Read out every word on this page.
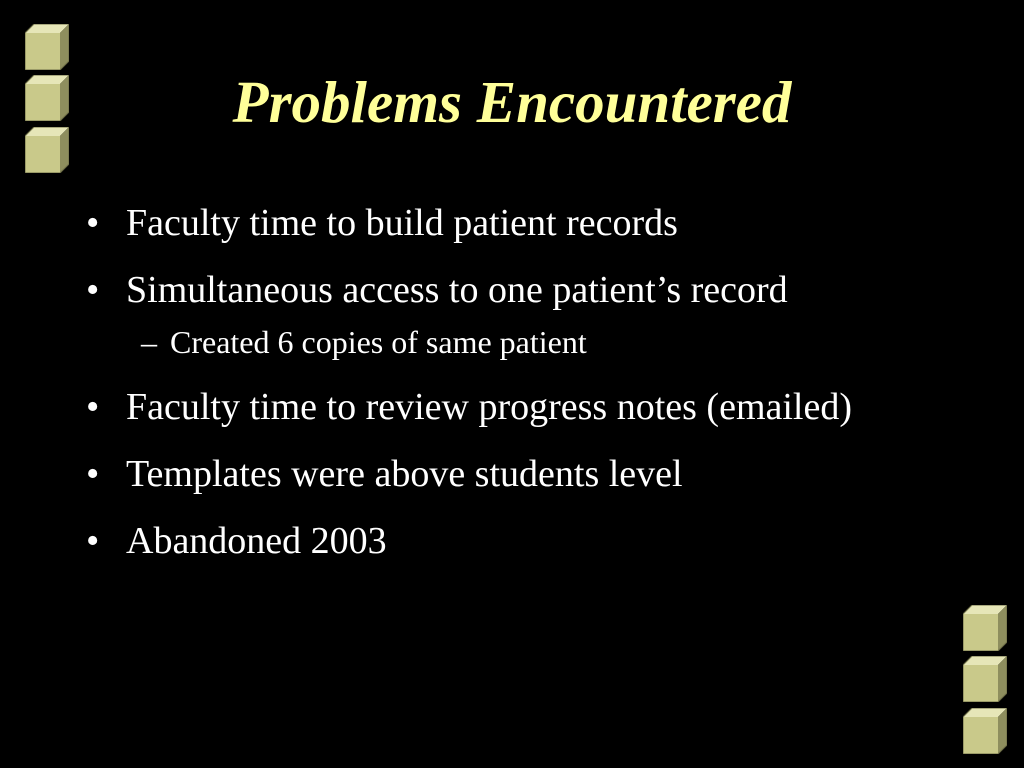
Problems Encountered
• Faculty time to build patient records
• Simultaneous access to one patient’s record
– Created 6 copies of same patient
• Faculty time to review progress notes (emailed)
• Templates were above students level
• Abandoned 2003
